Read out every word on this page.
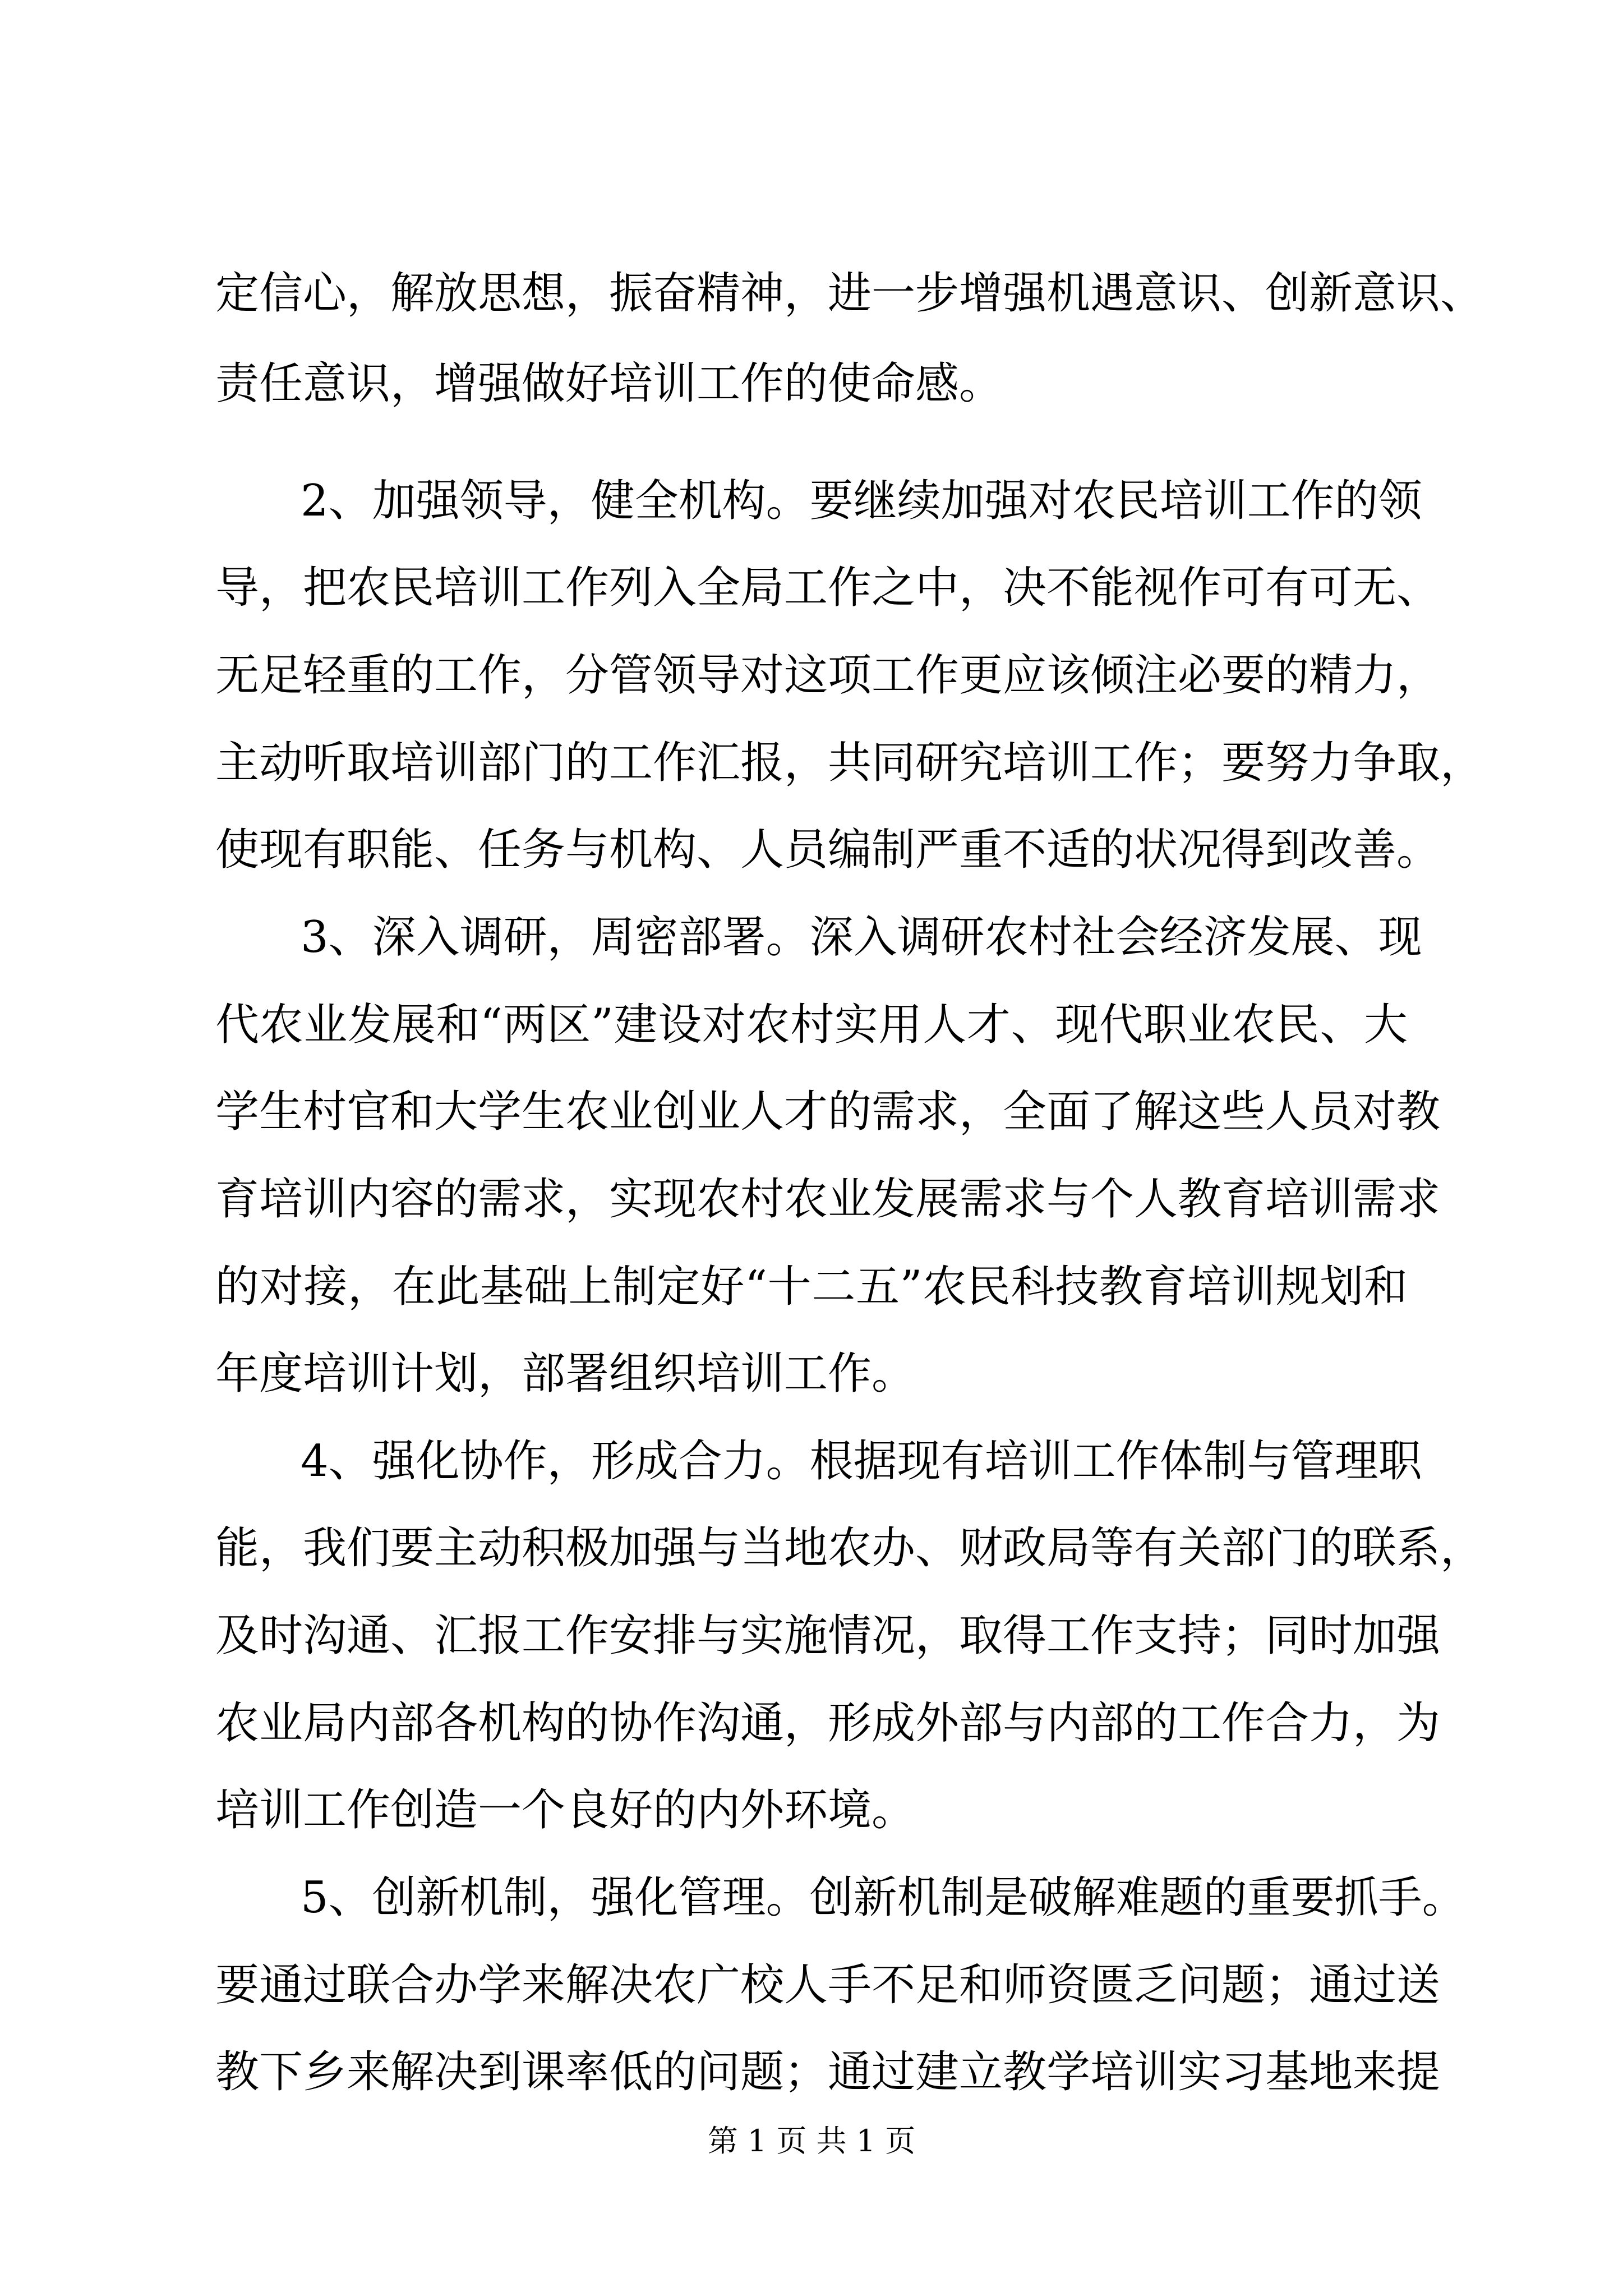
定信心，解放思想，振奋精神，进一步增强机遇意识、创新意识、
责任意识，增强做好培训工作的使命感。
2、加强领导，健全机构。要继续加强对农民培训工作的领
导，把农民培训工作列入全局工作之中，决不能视作可有可无、
无足轻重的工作，分管领导对这项工作更应该倾注必要的精力，
主动听取培训部门的工作汇报，共同研究培训工作；要努力争取，
使现有职能、任务与机构、人员编制严重不适的状况得到改善。
3、深入调研，周密部署。深入调研农村社会经济发展、现
代农业发展和“两区”建设对农村实用人才、现代职业农民、大
学生村官和大学生农业创业人才的需求，全面了解这些人员对教
育培训内容的需求，实现农村农业发展需求与个人教育培训需求
的对接，在此基础上制定好“十二五”农民科技教育培训规划和
年度培训计划，部署组织培训工作。
4、强化协作，形成合力。根据现有培训工作体制与管理职
能，我们要主动积极加强与当地农办、财政局等有关部门的联系，
及时沟通、汇报工作安排与实施情况，取得工作支持；同时加强
农业局内部各机构的协作沟通，形成外部与内部的工作合力，为
培训工作创造一个良好的内外环境。
5、创新机制，强化管理。创新机制是破解难题的重要抓手。
要通过联合办学来解决农广校人手不足和师资匮乏问题；通过送
教下乡来解决到课率低的问题；通过建立教学培训实习基地来提
第 1 页 共 1 页
